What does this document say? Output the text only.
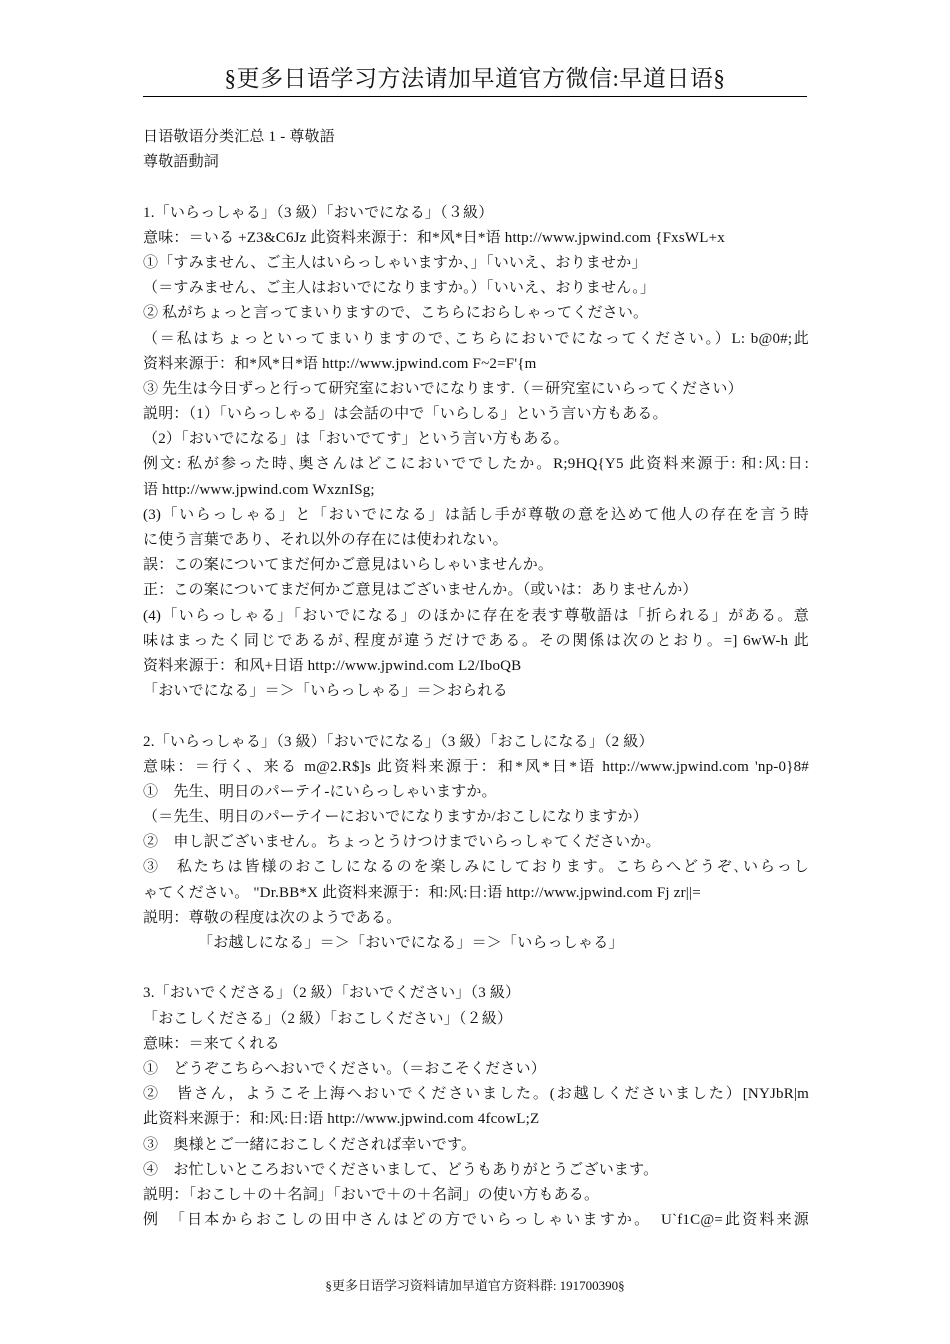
§更多日语学习方法请加早道官方微信:早道日语§
日语敬语分类汇总 1 - 尊敬語
尊敬語動詞
1.「いらっしゃる」（3 級）「おいでになる」（３級）
意味：＝いる +Z3&C6Jz 此资料来源于：和*风*日*语 http://www.jpwind.com {FxsWL+x
①「すみません、ご主人はいらっしゃいますか、」「いいえ、おりませか」
（＝すみません、ご主人はおいでになりますか。）「いいえ、おりません。」
② 私がちょっと言ってまいりますので、こちらにおらしゃってください。
（＝私はちょっといってまいりますので､こちらにおいでになってください。）L: b@0#;此
资料来源于：和*风*日*语 http://www.jpwind.com F~2=F'{m
③ 先生は今日ずっと行って研究室においでになります.（＝研究室にいらってください）
説明：（1）「いらっしゃる」は会話の中で「いらしる」という言い方もある。
（2）「おいでになる」は「おいでてす」という言い方もある。
例文: 私が参った時､奥さんはどこにおいででしたか。R;9HQ{Y5 此资料来源于: 和:风:日:
语 http://www.jpwind.com WxznISg;
(3)「いらっしゃる」と「おいでになる」は話し手が尊敬の意を込めて他人の存在を言う時
に使う言葉であり、それ以外の存在には使われない。
誤：この案についてまだ何かご意見はいらしゃいませんか。
正：この案についてまだ何かご意見はございませんか。（或いは：ありませんか）
(4)「いらっしゃる」「おいでになる」のほかに存在を表す尊敬語は「折られる」がある。意
味はまったく同じであるが､程度が違うだけである。その関係は次のとおり。=] 6wW-h 此
资料来源于：和风+日语 http://www.jpwind.com L2/IboQB
「おいでになる」＝＞「いらっしゃる」＝＞おられる
2.「いらっしゃる」（3 級）「おいでになる」（3 級）「おこしになる」（2 級）
意味：＝行く、来る m@2.R$]s 此资料来源于：和*风*日*语 http://www.jpwind.com 'np-0}8#
①　先生、明日のパーテイ-にいらっしゃいますか。
（＝先生、明日のパーテイーにおいでになりますか/おこしになりますか）
②　申し訳ございません。ちょっとうけつけまでいらっしゃてくださいか。
③　私たちは皆様のおこしになるのを楽しみにしております。こちらへどうぞ､いらっし
ゃてください。 "Dr.BB*X 此资料来源于：和:风:日:语 http://www.jpwind.com Fj zr||=
説明：尊敬の程度は次のようである。
「お越しになる」＝＞「おいでになる」＝＞「いらっしゃる」
3.「おいでくださる」（2 級）「おいでください」（3 級）
「おこしくださる」（2 級）「おこしください」（２級）
意味：＝来てくれる
①　どうぞこちらへおいでください。（＝おこそください）
②　皆さん，ようこそ上海へおいでくださいました。(お越しくださいました）[NYJbR|m
此资料来源于：和:风:日:语 http://www.jpwind.com 4fcowL;Z
③　奥様とご一緒におこしくだされば幸いです。
④　お忙しいところおいでくださいまして、どうもありがとうございます。
説明：「おこし＋の＋名詞」「おいで＋の＋名詞」の使い方もある。
例　「日本からおこしの田中さんはどの方でいらっしゃいますか。　U`f1C@=此资料来源
§更多日语学习资料请加早道官方资料群: 191700390§
